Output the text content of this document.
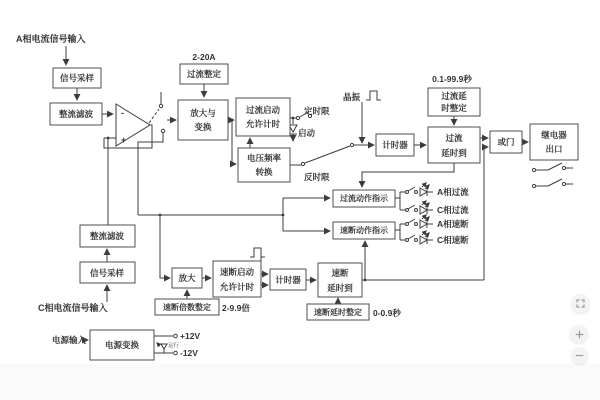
A相电流信号输入
C相电流信号输入
电源输入
-
+
信号采样
整流滤波
2-20A
过流整定
放大与
变换
启动
定时限
反时限
晶振
过流启动
允许计时
电压频率
转换
计时器
0.1-99.9秒
过流延
时整定
过流
延时到
或门
继电器
出口
过流动作指示
速断动作指示
A相过流
C相过流
A相速断
C相速断
整流滤波
信号采样	放大
速断倍数整定 2-9.9倍
速断启动
允许计时
计时器
速断
延时到
速断延时整定 0-0.9秒
电源变换	运行
+12V
-12V
